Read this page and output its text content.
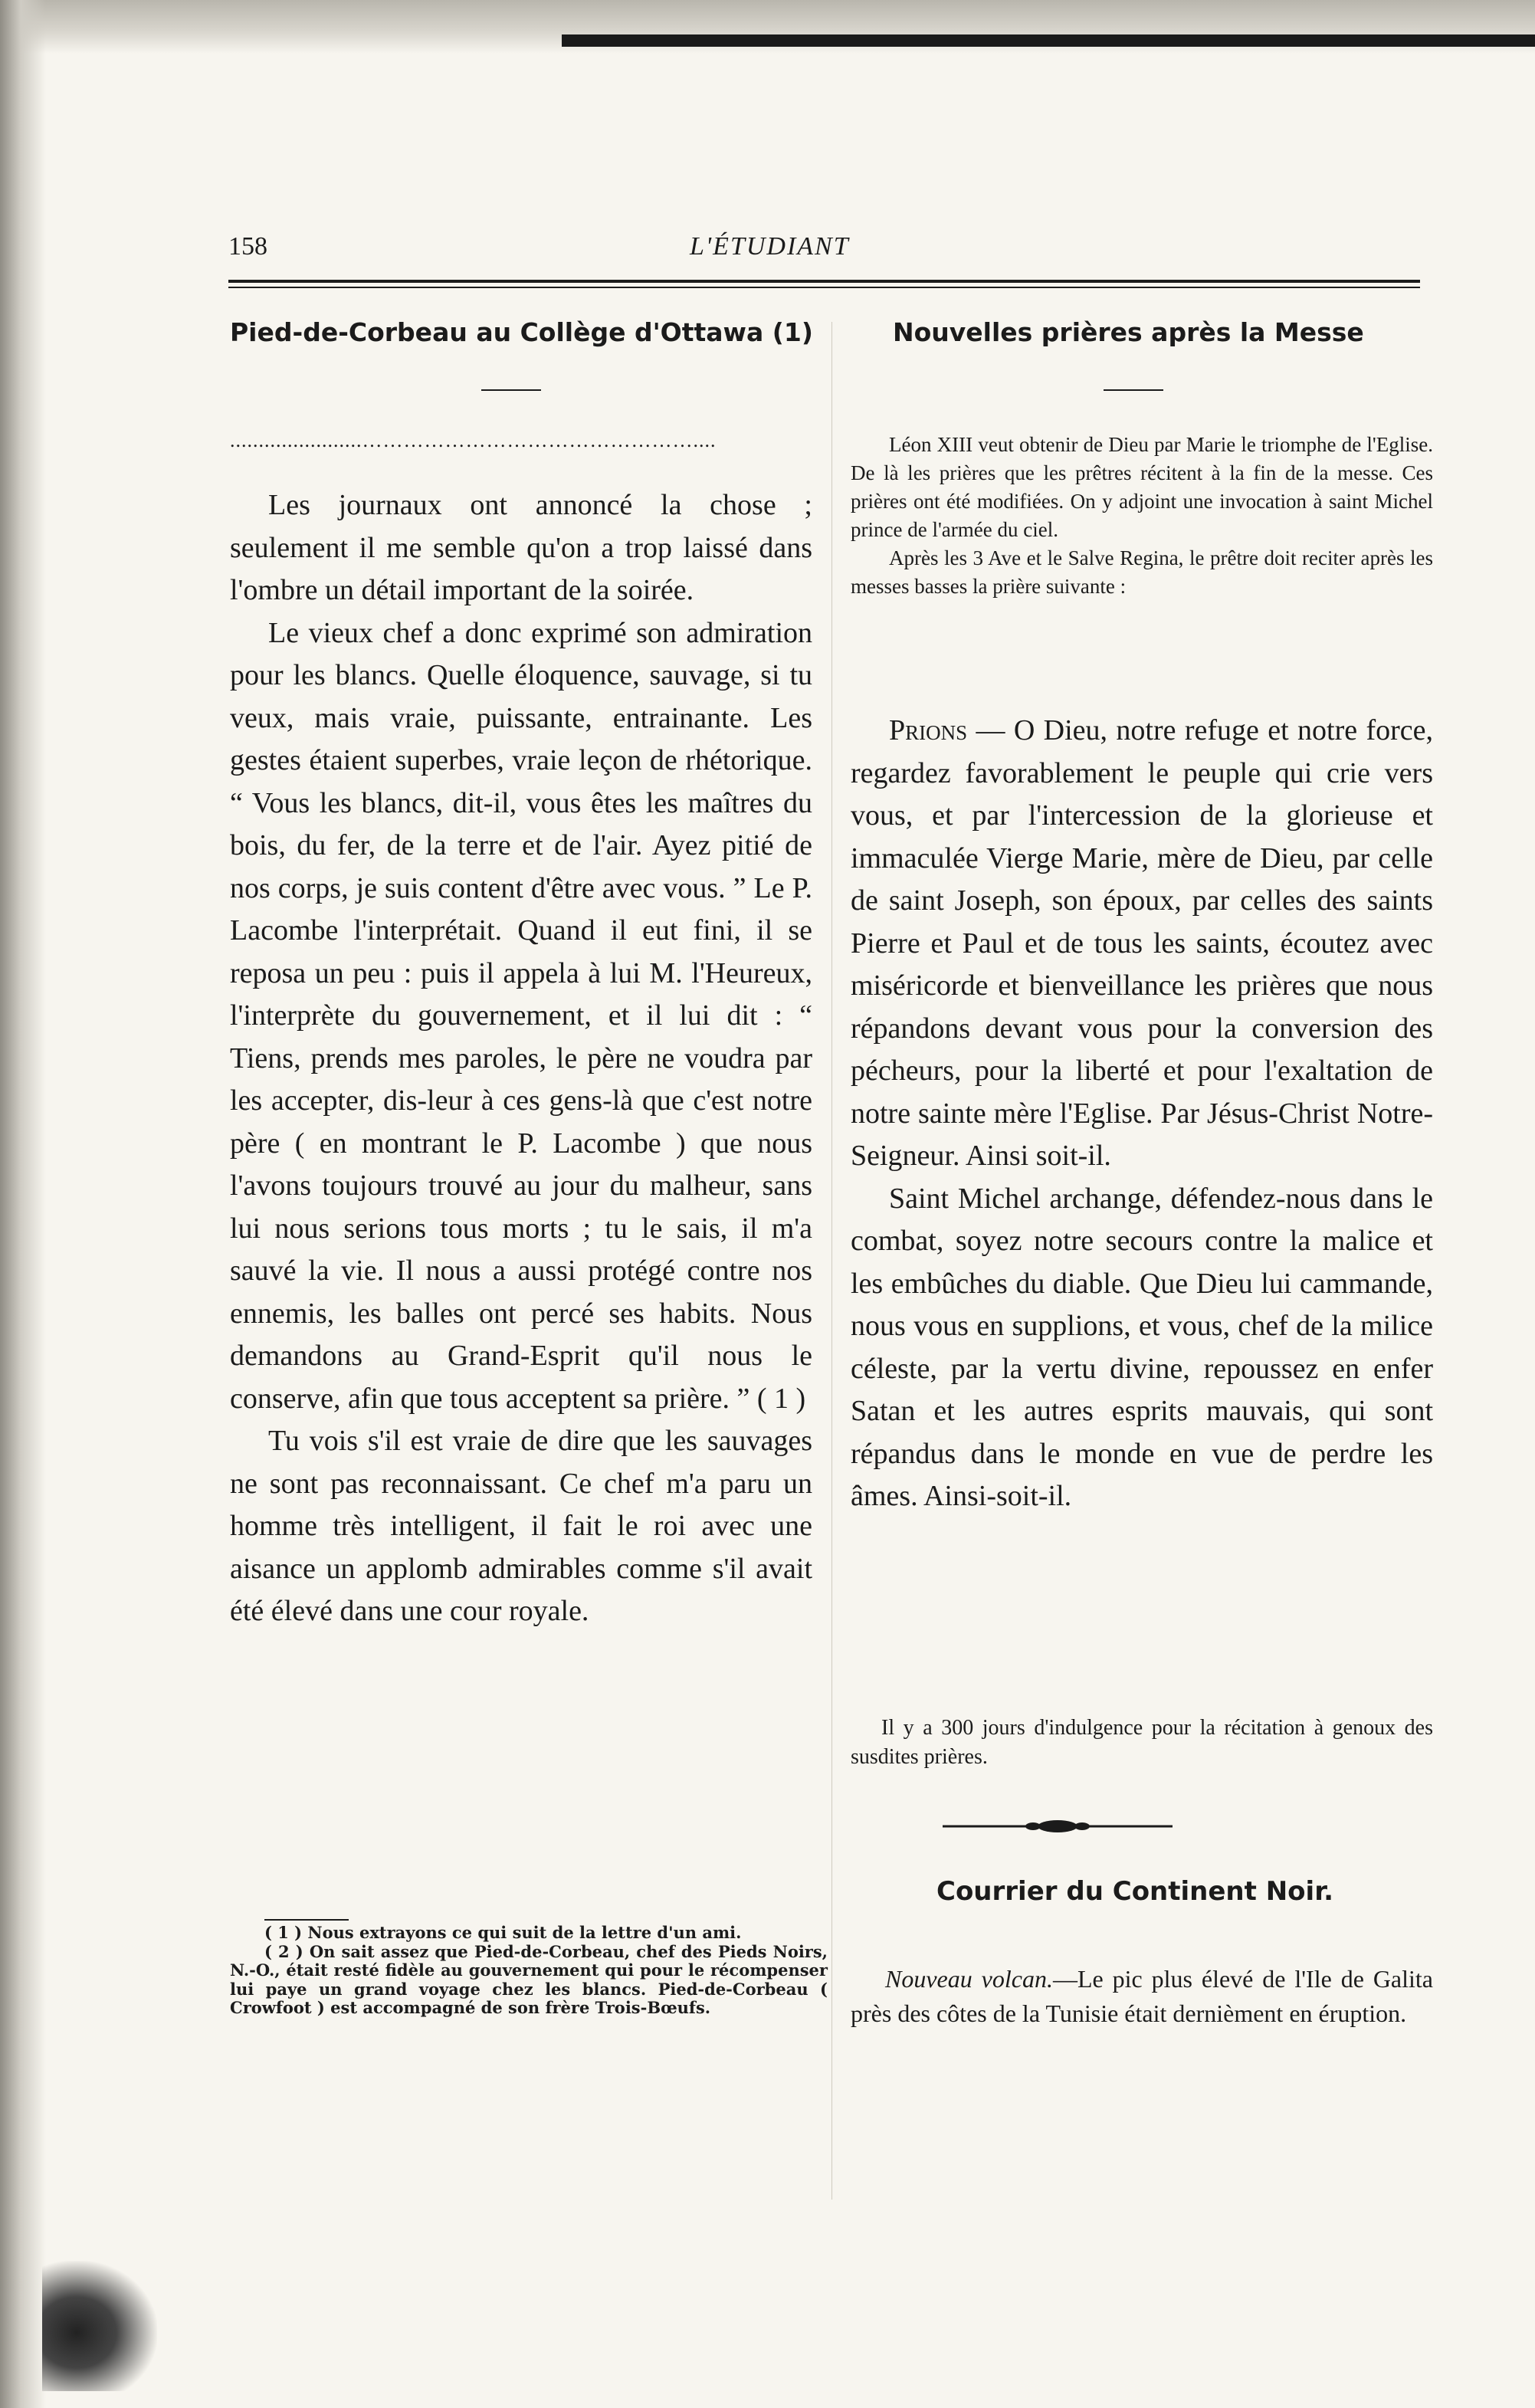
158	L'ÉTUDIANT
Pied-de-Corbeau au Collège d'Ottawa (1)
.......................…………………………………………....

Les journaux ont annoncé la chose ; seulement il me semble qu'on a trop laissé dans l'ombre un détail important de la soirée.

Le vieux chef a donc exprimé son admiration pour les blancs. Quelle éloquence, sauvage, si tu veux, mais vraie, puissante, entrainante. Les gestes étaient superbes, vraie leçon de rhétorique. “ Vous les blancs, dit-il, vous êtes les maîtres du bois, du fer, de la terre et de l'air. Ayez pitié de nos corps, je suis content d'être avec vous. ” Le P. Lacombe l'interprétait. Quand il eut fini, il se reposa un peu : puis il appela à lui M. l'Heureux, l'interprète du gouvernement, et il lui dit : “ Tiens, prends mes paroles, le père ne voudra par les accepter, dis-leur à ces gens-là que c'est notre père ( en montrant le P. Lacombe ) que nous l'avons toujours trouvé au jour du malheur, sans lui nous serions tous morts ; tu le sais, il m'a sauvé la vie. Il nous a aussi protégé contre nos ennemis, les balles ont percé ses habits. Nous demandons au Grand-Esprit qu'il nous le conserve, afin que tous acceptent sa prière. ” ( 1 )

Tu vois s'il est vraie de dire que les sauvages ne sont pas reconnaissant. Ce chef m'a paru un homme très intelligent, il fait le roi avec une aisance un applomb admirables comme s'il avait été élevé dans une cour royale.

( 1 ) Nous extrayons ce qui suit de la lettre d'un ami.

( 2 ) On sait assez que Pied-de-Corbeau, chef des Pieds Noirs, N.-O., était resté fidèle au gouvernement qui pour le récompenser lui paye un grand voyage chez les blancs. Pied-de-Corbeau ( Crowfoot ) est accompagné de son frère Trois-Bœufs.

Nouvelles prières après la Messe

Léon XIII veut obtenir de Dieu par Marie le triomphe de l'Eglise. De là les prières que les prêtres récitent à la fin de la messe. Ces prières ont été modifiées. On y adjoint une invocation à saint Michel prince de l'armée du ciel.

Après les 3 Ave et le Salve Regina, le prêtre doit reciter après les messes basses la prière suivante :

Prions — O Dieu, notre refuge et notre force, regardez favorablement le peuple qui crie vers vous, et par l'intercession de la glorieuse et immaculée Vierge Marie, mère de Dieu, par celle de saint Joseph, son époux, par celles des saints Pierre et Paul et de tous les saints, écoutez avec miséricorde et bienveillance les prières que nous répandons devant vous pour la conversion des pécheurs, pour la liberté et pour l'exaltation de notre sainte mère l'Eglise. Par Jésus-Christ Notre-Seigneur. Ainsi soit-il.

Saint Michel archange, défendez-nous dans le combat, soyez notre secours contre la malice et les embûches du diable. Que Dieu lui cammande, nous vous en supplions, et vous, chef de la milice céleste, par la vertu divine, repoussez en enfer Satan et les autres esprits mauvais, qui sont répandus dans le monde en vue de perdre les âmes. Ainsi-soit-il.

Il y a 300 jours d'indulgence pour la récitation à genoux des susdites prières.

Courrier du Continent Noir.

Nouveau volcan.—Le pic plus élevé de l'Ile de Galita près des côtes de la Tunisie était dernièment en éruption.
